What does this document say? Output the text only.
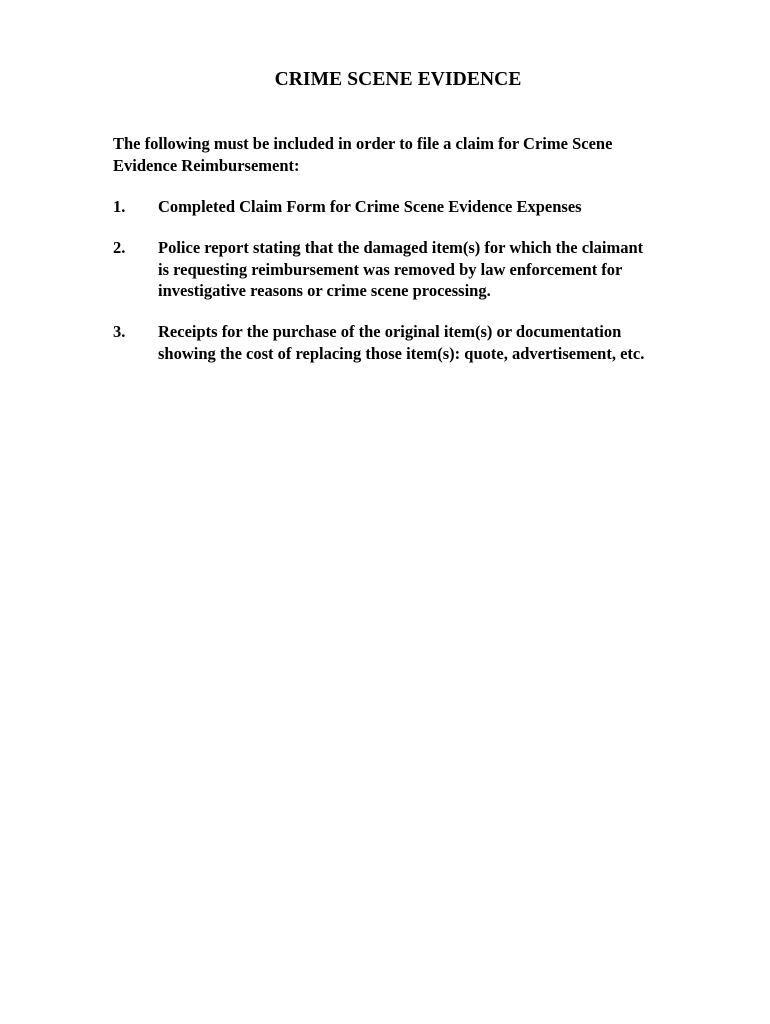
CRIME SCENE EVIDENCE
The following must be included in order to file a claim for Crime Scene
Evidence Reimbursement:
1. Completed Claim Form for Crime Scene Evidence Expenses
2. Police report stating that the damaged item(s) for which the claimant
is requesting reimbursement was removed by law enforcement for
investigative reasons or crime scene processing.
3. Receipts for the purchase of the original item(s) or documentation
showing the cost of replacing those item(s): quote, advertisement, etc.
